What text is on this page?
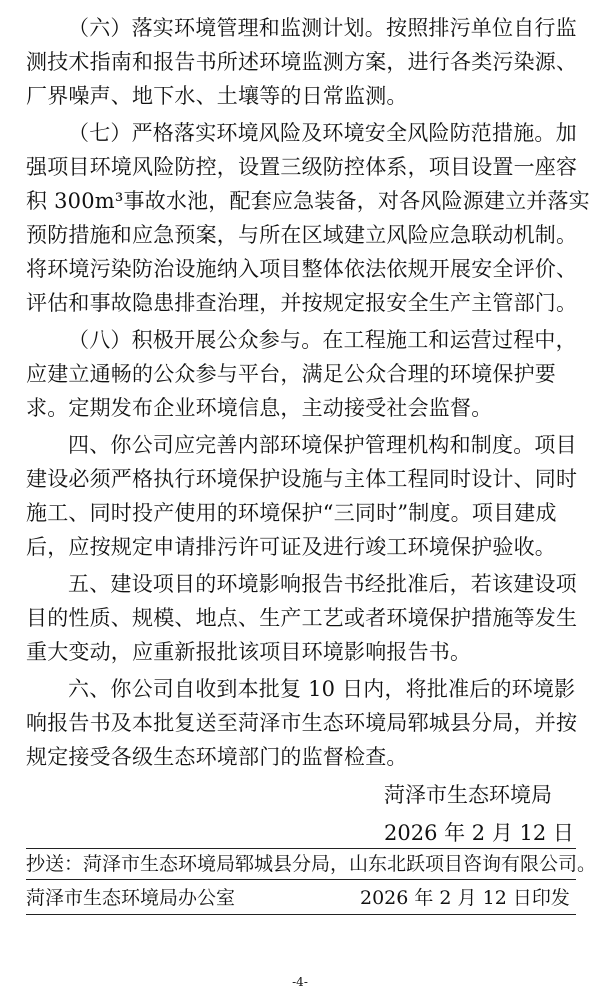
（六）落实环境管理和监测计划。按照排污单位自行监
测技术指南和报告书所述环境监测方案，进行各类污染源、
厂界噪声、地下水、土壤等的日常监测。
（七）严格落实环境风险及环境安全风险防范措施。加
强项目环境风险防控，设置三级防控体系，项目设置一座容
积 300m³事故水池，配套应急装备，对各风险源建立并落实
预防措施和应急预案，与所在区域建立风险应急联动机制。
将环境污染防治设施纳入项目整体依法依规开展安全评价、
评估和事故隐患排查治理，并按规定报安全生产主管部门。
（八）积极开展公众参与。在工程施工和运营过程中，
应建立通畅的公众参与平台，满足公众合理的环境保护要
求。定期发布企业环境信息，主动接受社会监督。
四、你公司应完善内部环境保护管理机构和制度。项目
建设必须严格执行环境保护设施与主体工程同时设计、同时
施工、同时投产使用的环境保护“三同时”制度。项目建成
后，应按规定申请排污许可证及进行竣工环境保护验收。
五、建设项目的环境影响报告书经批准后，若该建设项
目的性质、规模、地点、生产工艺或者环境保护措施等发生
重大变动，应重新报批该项目环境影响报告书。
六、你公司自收到本批复 10 日内，将批准后的环境影
响报告书及本批复送至菏泽市生态环境局郓城县分局，并按
规定接受各级生态环境部门的监督检查。
菏泽市生态环境局
2026 年 2 月 12 日
抄送：菏泽市生态环境局郓城县分局，山东北跃项目咨询有限公司。
菏泽市生态环境局办公室	2026 年 2 月 12 日印发
-4-
